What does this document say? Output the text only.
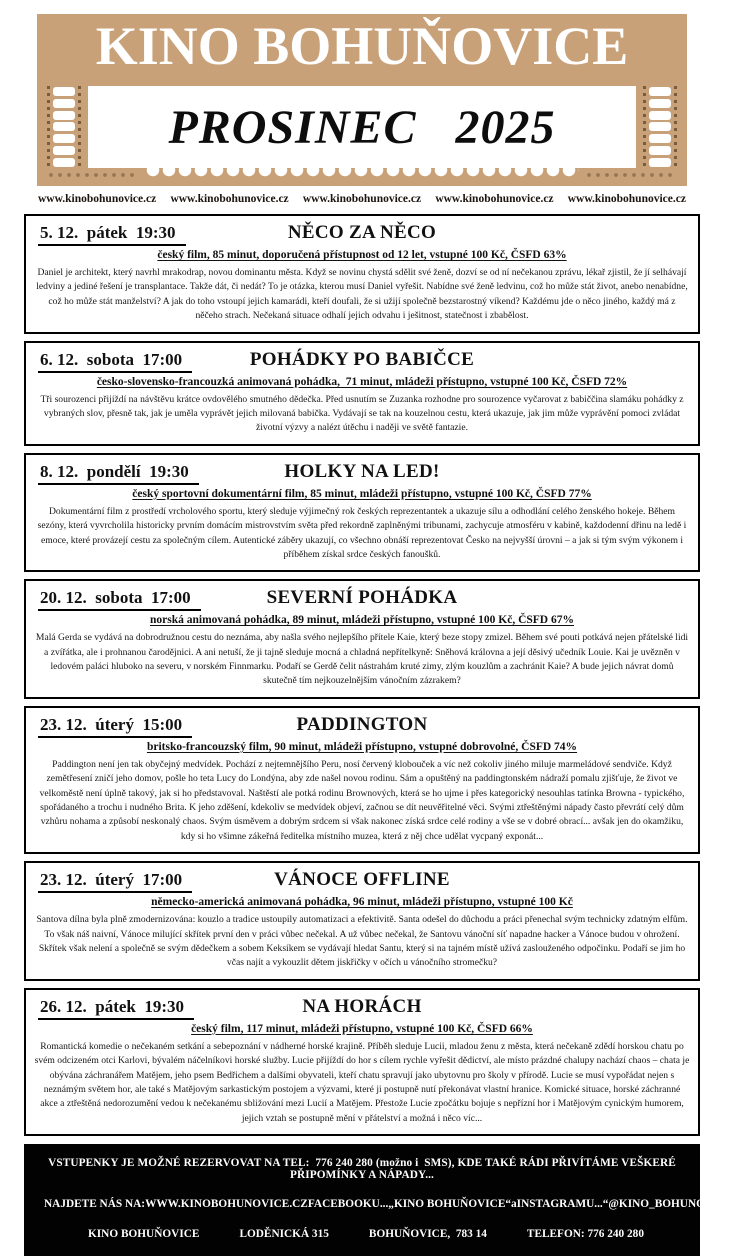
KINO BOHUŇOVICE
PROSINEC   2025
www.kinobohunovice.cz www.kinobohunovice.cz www.kinobohunovice.cz www.kinobohunovice.cz www.kinobohunovice.cz
5. 12.  pátek  19:30	NĚCO ZA NĚCO
český film, 85 minut, doporučená přístupnost od 12 let, vstupné 100 Kč, ČSFD 63%
Daniel je architekt, který navrhl mrakodrap, novou dominantu města. Když se novinu chystá sdělit své ženě, dozví se od ní nečekanou zprávu, lékař zjistil, že jí selhávají ledviny a jediné řešení je transplantace. Takže dát, či nedát? To je otázka, kterou musí Daniel vyřešit. Nabídne své ženě ledvinu, což ho může stát život, anebo nenabídne, což ho může stát manželství? A jak do toho vstoupí jejich kamarádi, kteří doufali, že si užijí společně bezstarostný víkend? Každému jde o něco jiného, každý má z něčeho strach. Nečekaná situace odhalí jejich odvahu i ješitnost, statečnost i zbabělost.
6. 12.  sobota  17:00	POHÁDKY PO BABIČCE
česko-slovensko-francouzká animovaná pohádka,  71 minut, mládeži přístupno, vstupné 100 Kč, ČSFD 72%
Tři sourozenci přijíždí na návštěvu krátce ovdovělého smutného dědečka. Před usnutím se Zuzanka rozhodne pro sourozence vyčarovat z babiččina slamáku pohádky z vybraných slov, přesně tak, jak je uměla vyprávět jejich milovaná babička. Vydávají se tak na kouzelnou cestu, která ukazuje, jak jim může vyprávění pomoci zvládat životní výzvy a nalézt útěchu i naději ve světě fantazie.
8. 12.  pondělí  19:30	HOLKY NA LED!
český sportovní dokumentární film, 85 minut, mládeži přístupno, vstupné 100 Kč, ČSFD 77%
Dokumentární film z prostředí vrcholového sportu, který sleduje výjimečný rok českých reprezentantek a ukazuje sílu a odhodlání celého ženského hokeje. Během sezóny, která vyvrcholila historicky prvním domácím mistrovstvím světa před rekordně zaplněnými tribunami, zachycuje atmosféru v kabině, každodenní dřinu na ledě i emoce, které provázejí cestu za společným cílem. Autentické záběry ukazují, co všechno obnáší reprezentovat Česko na nejvyšší úrovni – a jak si tým svým výkonem i příběhem získal srdce českých fanoušků.
20. 12.  sobota  17:00	SEVERNÍ POHÁDKA
norská animovaná pohádka, 89 minut, mládeži přístupno, vstupné 100 Kč, ČSFD 67%
Malá Gerda se vydává na dobrodružnou cestu do neznáma, aby našla svého nejlepšího přítele Kaie, který beze stopy zmizel. Během své pouti potkává nejen přátelské lidi a zvířátka, ale i prohnanou čarodějnici. A ani netuší, že ji tajně sleduje mocná a chladná nepřítelkyně: Sněhová královna a její děsivý učedník Louie. Kai je uvězněn v ledovém paláci hluboko na severu, v norském Finnmarku. Podaří se Gerdě čelit nástrahám kruté zimy, zlým kouzlům a zachránit Kaie? A bude jejich návrat domů skutečně tím nejkouzelnějším vánočním zázrakem?
23. 12.  úterý  15:00	PADDINGTON
britsko-francouzský film, 90 minut, mládeži přístupno, vstupné dobrovolné, ČSFD 74%
Paddington není jen tak obyčejný medvídek. Pochází z nejtemnějšího Peru, nosí červený klobouček a víc než cokoliv jiného miluje marmeládové sendviče. Když zemětřesení zničí jeho domov, pošle ho teta Lucy do Londýna, aby zde našel novou rodinu. Sám a opuštěný na paddingtonském nádraží pomalu zjišťuje, že život ve velkoměstě není úplně takový, jak si ho představoval. Naštěstí ale potká rodinu Brownových, která se ho ujme i přes kategorický nesouhlas tatínka Browna - typického, spořádaného a trochu i nudného Brita. K jeho zděšení, kdekoliv se medvídek objeví, začnou se dít neuvěřitelné věci. Svými ztřeštěnými nápady často převrátí celý dům vzhůru nohama a způsobí neskonalý chaos. Svým úsměvem a dobrým srdcem si však nakonec získá srdce celé rodiny a vše se v dobré obrací... avšak jen do okamžiku, kdy si ho všimne zákeřná ředitelka místního muzea, která z něj chce udělat vycpaný exponát...
23. 12.  úterý  17:00	VÁNOCE OFFLINE
německo-americká animovaná pohádka, 96 minut, mládeži přístupno, vstupné 100 Kč
Santova dílna byla plně zmodernizována: kouzlo a tradice ustoupily automatizaci a efektivitě. Santa odešel do důchodu a práci přenechal svým technicky zdatným elfům. To však náš naivní, Vánoce milující skřítek první den v práci vůbec nečekal. A už vůbec nečekal, že Santovu vánoční síť napadne hacker a Vánoce budou v ohrožení. Skřítek však nelení a společně se svým dědečkem a sobem Keksíkem se vydávají hledat Santu, který si na tajném místě užívá zaslouženého odpočinku. Podaří se jim ho včas najít a vykouzlit dětem jiskřičky v očích u vánočního stromečku?
26. 12.  pátek  19:30	NA HORÁCH
český film, 117 minut, mládeži přístupno, vstupné 100 Kč, ČSFD 66%
Romantická komedie o nečekaném setkání a sebepoznání v nádherné horské krajině. Příběh sleduje Lucii, mladou ženu z města, která nečekaně zdědí horskou chatu po svém odcizeném otci Karlovi, bývalém náčelníkovi horské služby. Lucie přijíždí do hor s cílem rychle vyřešit dědictví, ale místo prázdné chalupy nachází chaos – chata je obývána záchranářem Matějem, jeho psem Bedřichem a dalšími obyvateli, kteří chatu spravují jako ubytovnu pro školy v přírodě. Lucie se musí vypořádat nejen s neznámým světem hor, ale také s Matějovým sarkastickým postojem a výzvami, které ji postupně nutí překonávat vlastní hranice. Komické situace, horské záchranné akce a ztřeštěná nedorozumění vedou k nečekanému sbližování mezi Lucií a Matějem. Přestože Lucie zpočátku bojuje s nepřízní hor i Matějovým cynickým humorem, jejich vztah se postupně mění v přátelství a možná i něco víc...
VSTUPENKY JE MOŽNÉ REZERVOVAT NA TEL:  776 240 280 (možno i  SMS), KDE TAKÉ RÁDI PŘIVÍTÁME VEŠKERÉ PŘIPOMÍNKY A NÁPADY...
NAJDETE NÁS NA: WWW.KINOBOHUNOVICE.CZ FACEBOOKU...„KINO BOHUŇOVICE“ a INSTAGRAMU...“@KINO_BOHUNOVICE“
KINO BOHUŇOVICE	LODĚNICKÁ 315	BOHUŇOVICE,  783 14	TELEFON: 776 240 280
